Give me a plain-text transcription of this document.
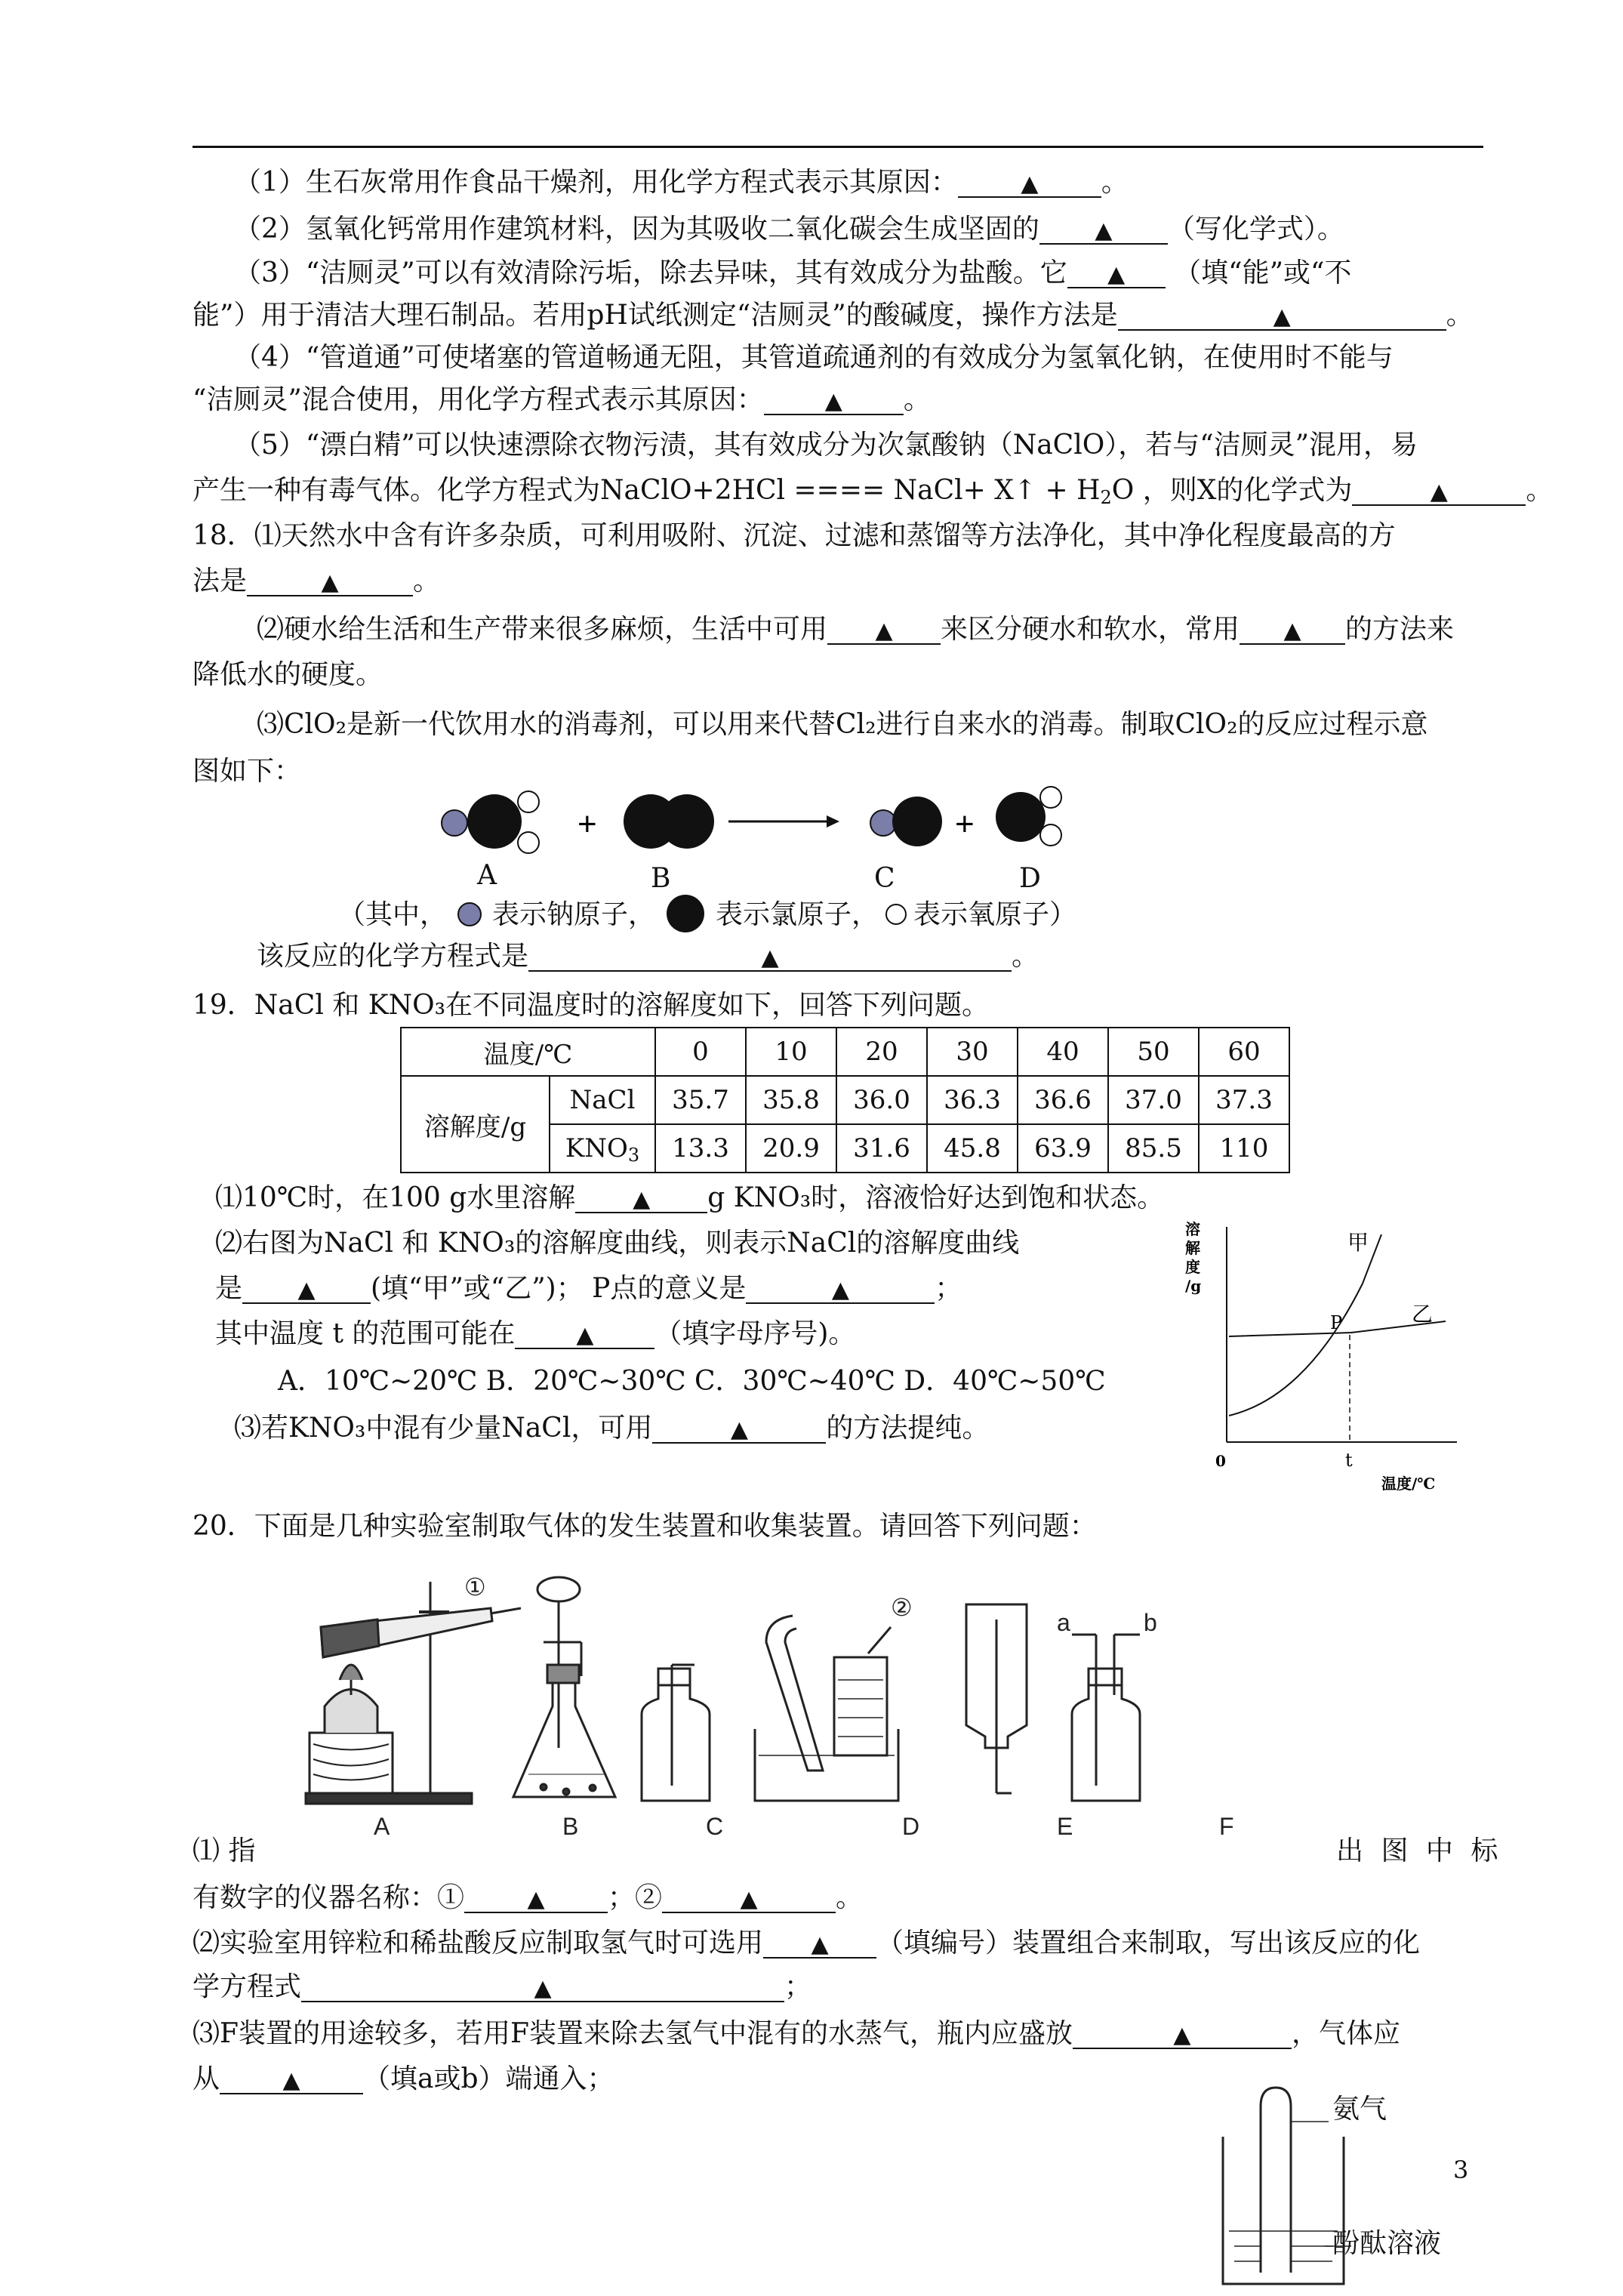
（1）生石灰常用作食品干燥剂，用化学方程式表示其原因：	▲ 。
（2）氢氧化钙常用作建筑材料，因为其吸收二氧化碳会生成坚固的 ▲ （写化学式）。
（3）“洁厕灵”可以有效清除污垢，除去异味，其有效成分为盐酸。它 ▲ （填“能”或“不
能”）用于清洁大理石制品。若用pH试纸测定“洁厕灵”的酸碱度，操作方法是	▲	。
（4）“管道通”可使堵塞的管道畅通无阻，其管道疏通剂的有效成分为氢氧化钠，在使用时不能与
“洁厕灵”混合使用，用化学方程式表示其原因：	▲ 。
（5）“漂白精”可以快速漂除衣物污渍，其有效成分为次氯酸钠（NaClO），若与“洁厕灵”混用，易
产生一种有毒气体。化学方程式为NaClO+2HCl ==== NaCl+ X↑ + $H_2O$ ，则X的化学式为	▲	。
18．⑴天然水中含有许多杂质，可利用吸附、沉淀、过滤和蒸馏等方法净化，其中净化程度最高的方
法是	▲	。
⑵硬水给生活和生产带来很多麻烦，生活中可用 ▲ 来区分硬水和软水，常用 ▲ 的方法来
降低水的硬度。
⑶ClO₂是新一代饮用水的消毒剂，可以用来代替Cl₂进行自来水的消毒。制取ClO₂的反应过程示意
图如下：
+	+
A	B	C	D
（其中， 表示钠原子， 表示氯原子， 表示氧原子）
该反应的化学方程式是	▲	。
19．NaCl 和 KNO₃在不同温度时的溶解度如下，回答下列问题。
温度/℃		0	10	20	30	40	50	60
溶解度/g	NaCl	35.7	35.8	36.0	36.3	36.6	37.0	37.3
	$KNO_3$	13.3	20.9	31.6	45.8	63.9	85.5	110
⑴10℃时，在100 g水里溶解	▲ g KNO₃时，溶液恰好达到饱和状态。
⑵右图为NaCl 和 KNO₃的溶解度曲线，则表示NaCl的溶解度曲线
是 ▲ (填“甲”或“乙”)； P点的意义是	▲	；
其中温度 t 的范围可能在	▲ （填字母序号)。
A．10℃~20℃ B．20℃~30℃ C．30℃~40℃ D．40℃~50℃
⑶若KNO₃中混有少量NaCl，可用	▲	的方法提纯。
溶
解
度
/g
甲
乙
P
0	t
温度/℃
20．下面是几种实验室制取气体的发生装置和收集装置。请回答下列问题：
①
②
a	b
A	B	C	D	E	F
⑴ 指	出 图 中 标
有数字的仪器名称：①	▲ ；②	▲	。
⑵实验室用锌粒和稀盐酸反应制取氢气时可选用 ▲ （填编号）装置组合来制取，写出该反应的化
学方程式	▲	；
⑶F装置的用途较多，若用F装置来除去氢气中混有的水蒸气，瓶内应盛放	▲	，气体应
从	▲ （填a或b）端通入；
氨气
酚酞溶液
3
